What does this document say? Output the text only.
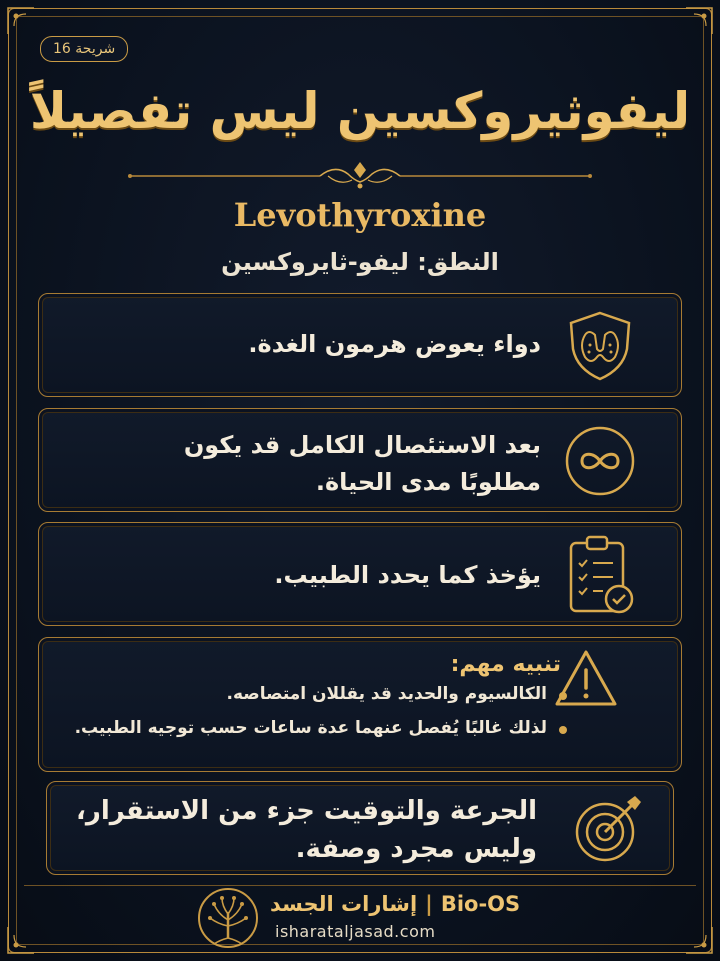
شريحة 16
ليفوثيروكسين ليس تفصيلاً
Levothyroxine
النطق: ليفو-ثايروكسين
دواء يعوض هرمون الغدة.
بعد الاستئصال الكامل قد يكون
مطلوبًا مدى الحياة.
يؤخذ كما يحدد الطبيب.
تنبيه مهم:
الكالسيوم والحديد قد يقللان امتصاصه.
لذلك غالبًا يُفصل عنهما عدة ساعات حسب توجيه الطبيب.
الجرعة والتوقيت جزء من الاستقرار،
وليس مجرد وصفة.
إشارات الجسد | Bio-OS
isharataljasad.com
